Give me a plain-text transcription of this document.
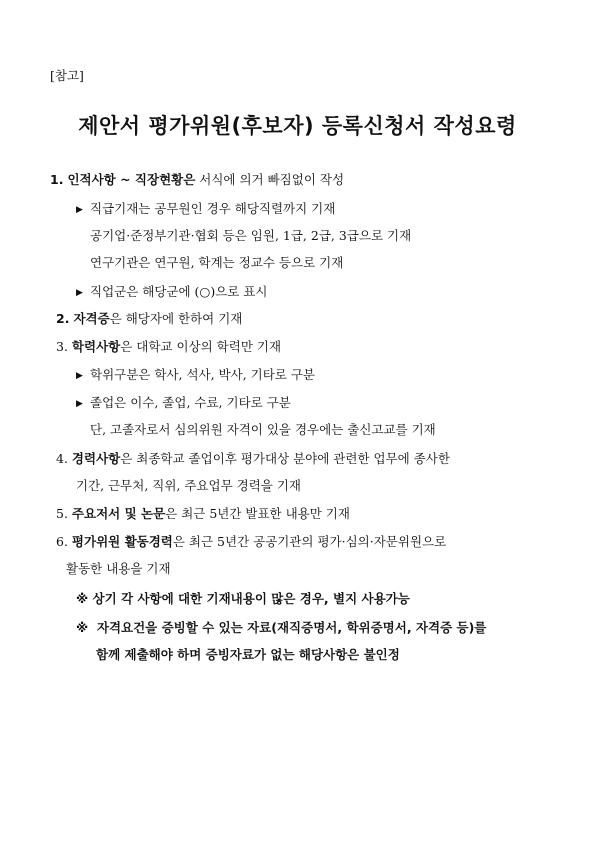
[참고]
제안서 평가위원(후보자) 등록신청서 작성요령
1. 인적사항 ~ 직장현황은 서식에 의거 빠짐없이 작성
▶ 직급기재는 공무원인 경우 해당직렬까지 기재
공기업·준정부기관·협회 등은 임원, 1급, 2급, 3급으로 기재
연구기관은 연구원, 학계는 정교수 등으로 기재
▶ 직업군은 해당군에 (○)으로 표시
2. 자격증은 해당자에 한하여 기재
3. 학력사항은 대학교 이상의 학력만 기재
▶ 학위구분은 학사, 석사, 박사, 기타로 구분
▶ 졸업은 이수, 졸업, 수료, 기타로 구분
단, 고졸자로서 심의위원 자격이 있을 경우에는 출신고교를 기재
4. 경력사항은 최종학교 졸업이후 평가대상 분야에 관련한 업무에 종사한
기간, 근무처, 직위, 주요업무 경력을 기재
5. 주요저서 및 논문은 최근 5년간 발표한 내용만 기재
6. 평가위원 활동경력은 최근 5년간 공공기관의 평가·심의·자문위원으로
활동한 내용을 기재
※ 상기 각 사항에 대한 기재내용이 많은 경우, 별지 사용가능
※ 자격요건을 증빙할 수 있는 자료(재직증명서, 학위증명서, 자격증 등)를
함께 제출해야 하며 증빙자료가 없는 해당사항은 불인정
